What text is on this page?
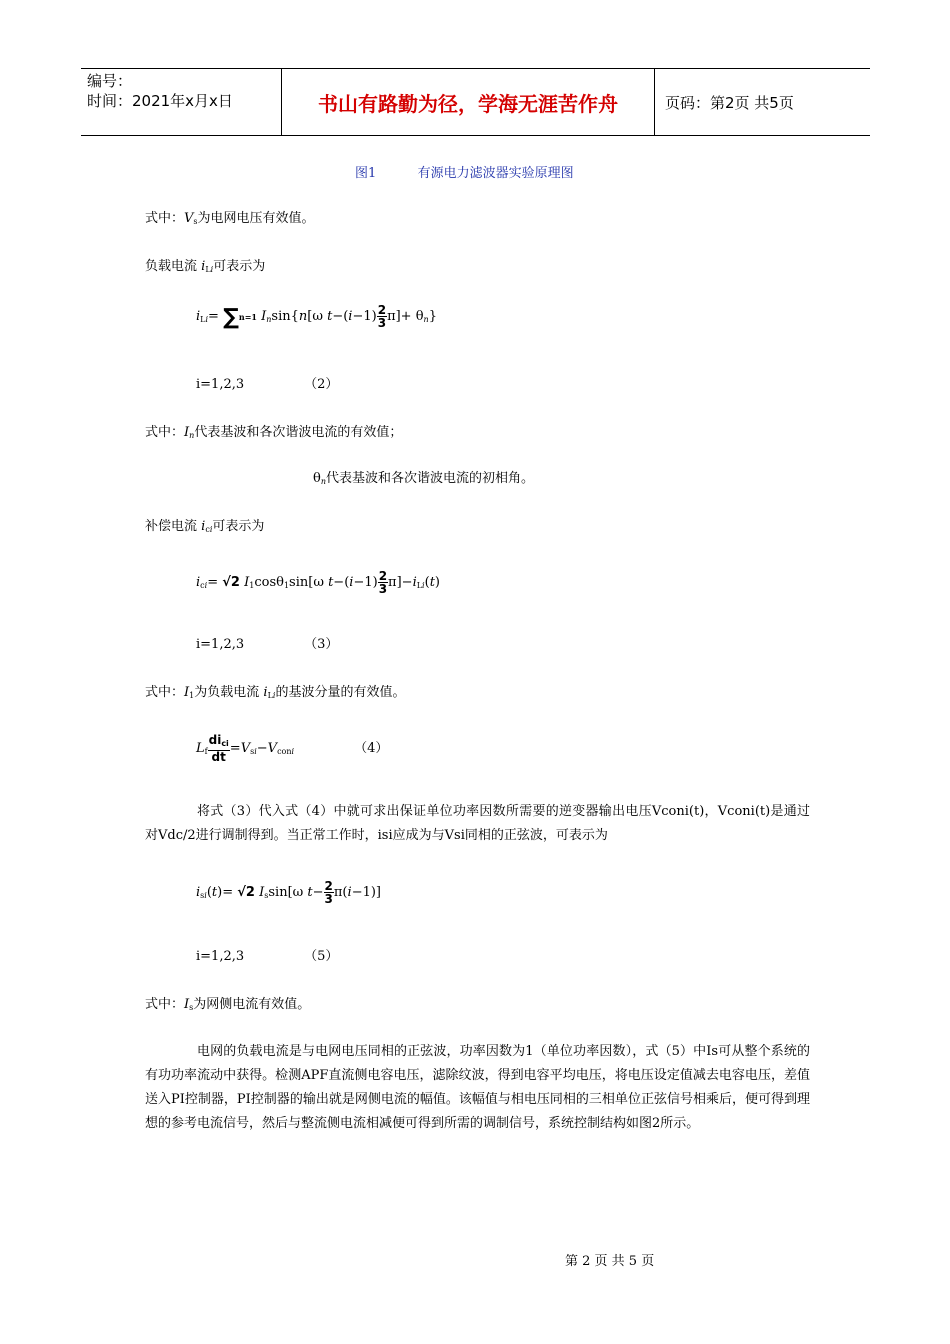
编号：
时间：2021年x月x日	书山有路勤为径，学海无涯苦作舟	页码：第2页 共5页
图1          有源电力滤波器实验原理图
式中：$V_s$为电网电压有效值。
负载电流 $i_{Li}$可表示为
$i_{Li}= \sum n=1$ $I_n\sin\{n[\omega$ $t-(i-1) \frac{2}{3} \pi]+ \theta_n$}
i=1,2,3	（2）
式中：$I_n$代表基波和各次谐波电流的有效值；
$\theta_n$代表基波和各次谐波电流的初相角。
补偿电流 $i_{ci}$可表示为
$i_{ci}= √2$ $I_1\cos\theta_1\sin[\omega$ $t-(i-1) \frac{2}{3} \pi]-i_{Li}(t)$
i=1,2,3	（3）
式中：$I_1$为负载电流 $i_{Li}$的基波分量的有效值。
$L_f \frac{di_{ci}}{dt} =V_{si}-V_{coni}$	（4）
将式（3）代入式（4）中就可求出保证单位功率因数所需要的逆变器输出电压Vconi(t)，Vconi(t)是通过对Vdc/2进行调制得到。当正常工作时，isi应成为与Vsi同相的正弦波，可表示为
$i_{si}(t)= √2$ $I_s\sin[\omega$ $t- \frac{2}{3} \pi(i-1)$]
i=1,2,3	（5）
式中：$I_s$为网侧电流有效值。
电网的负载电流是与电网电压同相的正弦波，功率因数为1（单位功率因数），式（5）中Is可从整个系统的有功功率流动中获得。检测APF直流侧电容电压，滤除纹波，得到电容平均电压，将电压设定值减去电容电压，差值送入PI控制器，PI控制器的输出就是网侧电流的幅值。该幅值与相电压同相的三相单位正弦信号相乘后，便可得到理想的参考电流信号，然后与整流侧电流相减便可得到所需的调制信号，系统控制结构如图2所示。
第 2 页 共 5 页
